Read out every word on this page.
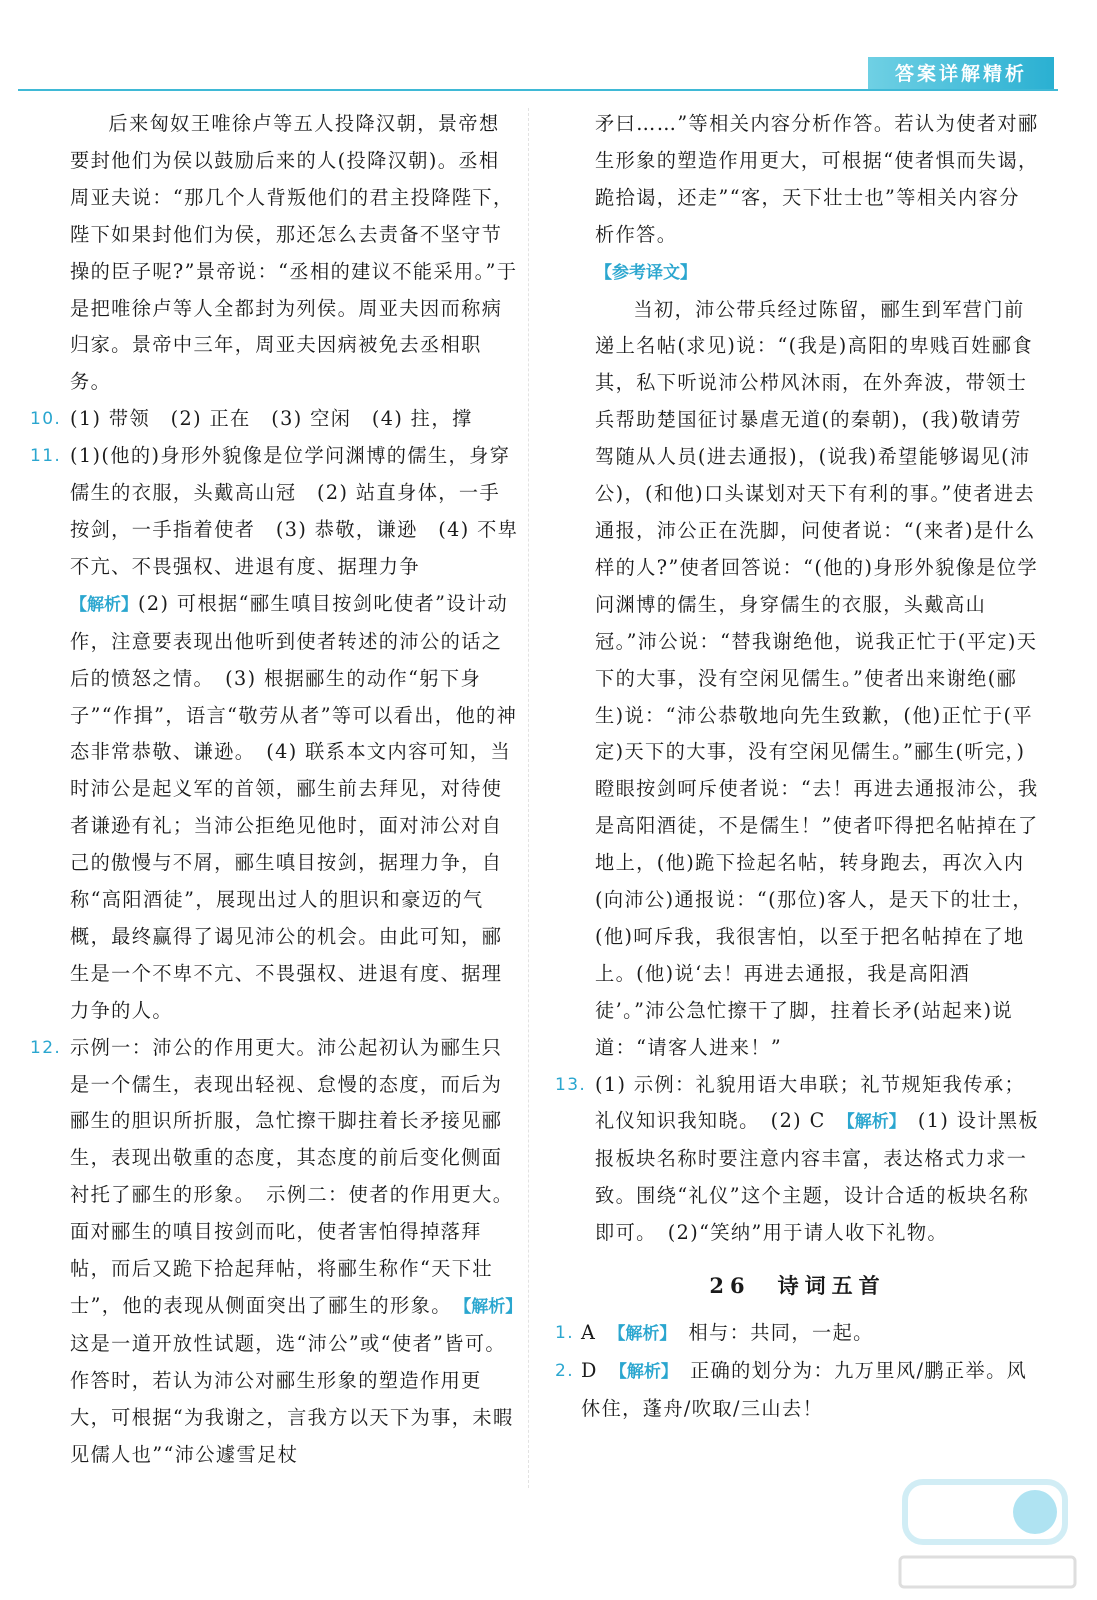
答案详解精析

后来匈奴王唯徐卢等五人投降汉朝，景帝想要封他们为侯以鼓励后来的人(投降汉朝)。丞相周亚夫说：“那几个人背叛他们的君主投降陛下，陛下如果封他们为侯，那还怎么去责备不坚守节操的臣子呢?”景帝说：“丞相的建议不能采用。”于是把唯徐卢等人全都封为列侯。周亚夫因而称病归家。景帝中三年，周亚夫因病被免去丞相职务。

10. (1) 带领　(2) 正在　(3) 空闲　(4) 拄，撑
11. (1)(他的)身形外貌像是位学问渊博的儒生，身穿儒生的衣服，头戴高山冠　(2) 站直身体，一手按剑，一手指着使者　(3) 恭敬，谦逊　(4) 不卑不亢、不畏强权、进退有度、据理力争
【解析】(2) 可根据“郦生嗔目按剑叱使者”设计动作，注意要表现出他听到使者转述的沛公的话之后的愤怒之情。　(3) 根据郦生的动作“躬下身子”“作揖”，语言“敬劳从者”等可以看出，他的神态非常恭敬、谦逊。　(4) 联系本文内容可知，当时沛公是起义军的首领，郦生前去拜见，对待使者谦逊有礼；当沛公拒绝见他时，面对沛公对自己的傲慢与不屑，郦生嗔目按剑，据理力争，自称“高阳酒徒”，展现出过人的胆识和豪迈的气概，最终赢得了谒见沛公的机会。由此可知，郦生是一个不卑不亢、不畏强权、进退有度、据理力争的人。
12. 示例一：沛公的作用更大。沛公起初认为郦生只是一个儒生，表现出轻视、怠慢的态度，而后为郦生的胆识所折服，急忙擦干脚拄着长矛接见郦生，表现出敬重的态度，其态度的前后变化侧面衬托了郦生的形象。　示例二：使者的作用更大。面对郦生的嗔目按剑而叱，使者害怕得掉落拜帖，而后又跪下拾起拜帖，将郦生称作“天下壮士”，他的表现从侧面突出了郦生的形象。　 【解析】　这是一道开放性试题，选“沛公”或“使者”皆可。作答时，若认为沛公对郦生形象的塑造作用更大，可根据“为我谢之，言我方以天下为事，未暇见儒人也”“沛公遽雪足杖

矛曰……”等相关内容分析作答。若认为使者对郦生形象的塑造作用更大，可根据“使者惧而失谒，跪拾谒，还走”“客，天下壮士也”等相关内容分析作答。

【参考译文】
当初，沛公带兵经过陈留，郦生到军营门前递上名帖(求见)说：“(我是)高阳的卑贱百姓郦食其，私下听说沛公栉风沐雨，在外奔波，带领士兵帮助楚国征讨暴虐无道(的秦朝)，(我)敬请劳驾随从人员(进去通报)，(说我)希望能够谒见(沛公)，(和他)口头谋划对天下有利的事。”使者进去通报，沛公正在洗脚，问使者说：“(来者)是什么样的人?”使者回答说：“(他的)身形外貌像是位学问渊博的儒生，身穿儒生的衣服，头戴高山冠。”沛公说：“替我谢绝他，说我正忙于(平定)天下的大事，没有空闲见儒生。”使者出来谢绝(郦生)说：“沛公恭敬地向先生致歉，(他)正忙于(平定)天下的大事，没有空闲见儒生。”郦生(听完，)瞪眼按剑呵斥使者说：“去！再进去通报沛公，我是高阳酒徒，不是儒生！”使者吓得把名帖掉在了地上，(他)跪下捡起名帖，转身跑去，再次入内(向沛公)通报说：“(那位)客人，是天下的壮士，(他)呵斥我，我很害怕，以至于把名帖掉在了地上。(他)说‘去！再进去通报，我是高阳酒徒’。”沛公急忙擦干了脚，拄着长矛(站起来)说道：“请客人进来！”
13. (1) 示例：礼貌用语大串联；礼节规矩我传承；礼仪知识我知晓。　(2) C　 【解析】　 (1) 设计黑板报板块名称时要注意内容丰富，表达格式力求一致。围绕“礼仪”这个主题，设计合适的板块名称即可。　(2)“笑纳”用于请人收下礼物。
26　诗词五首
1. A　 【解析】　 相与：共同，一起。
2. D　 【解析】　 正确的划分为：九万里风/鹏正举。风休住，蓬舟/吹取/三山去！
